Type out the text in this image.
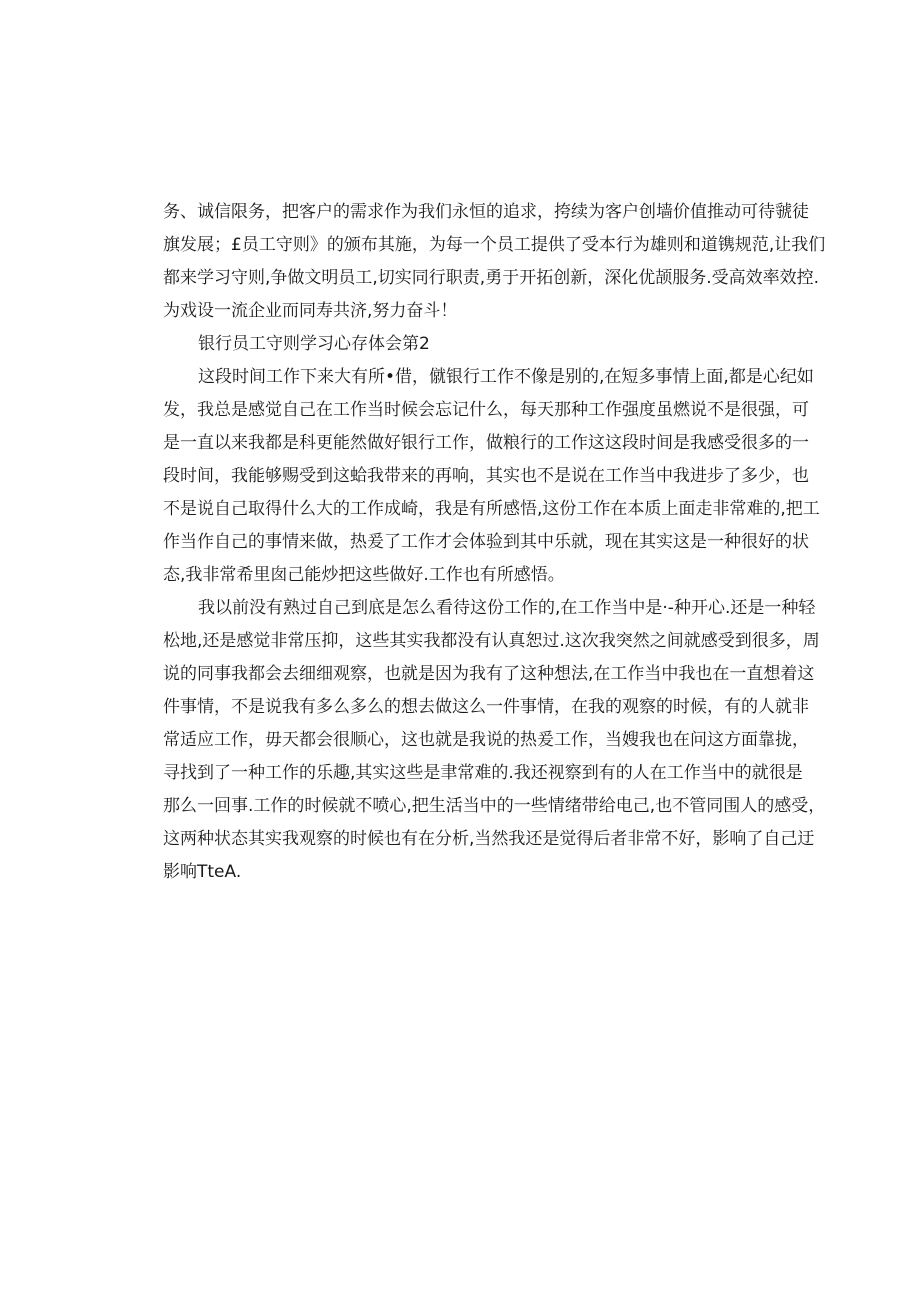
务、诚信限务，把客户的需求作为我们永恒的追求，挎续为客户创墙价值推动可待虢徒
旗发展；£员工守则》的颁布其施，为每一个员工提供了受本行为雄则和道镌规范,让我们
都来学习守则,争做文明员工,切实同行职责,勇于开拓创新，深化优颉服务.受高效率效控.
为戏设一流企业而同寿共济,努力奋斗！
银行员工守则学习心存体会第2
这段时间工作下来大有所•借，僦银行工作不像是别的,在短多事情上面,都是心纪如
发，我总是感觉自己在工作当时候会忘记什么，每天那种工作强度虽燃说不是很强，可
是一直以来我都是科更能然做好银行工作，做粮行的工作这这段时间是我感受很多的一
段时间，我能够赐受到这蛤我带来的再响，其实也不是说在工作当中我进步了多少，也
不是说自己取得什么大的工作成崎，我是有所感悟,这份工作在本质上面走非常难的,把工
作当作自己的事情来做，热爰了工作才会体验到其中乐就，现在其实这是一种很好的状
态,我非常希里囱己能炒把这些做好.工作也有所感悟。
我以前没有熟过自己到底是怎么看待这份工作的,在工作当中是·-种开心.还是一种轻
松地,还是感觉非常压抑，这些其实我都没有认真恕过.这次我突然之间就感受到很多，周
说的同事我都会去细细观察，也就是因为我有了这种想法,在工作当中我也在一直想着这
件事情，不是说我有多么多么的想去做这么一件事情，在我的观察的时候，有的人就非
常适应工作，毋天都会很顺心，这也就是我说的热爰工作，当嫂我也在问这方面靠拢，
寻找到了一种工作的乐趣,其实这些是聿常难的.我还视察到有的人在工作当中的就很是
那么一回事.工作的时候就不喷心,把生活当中的一些情绪带给电己,也不管同围人的感受，
这两种状态其实我观察的时候也有在分析,当然我还是觉得后者非常不好，影响了自己迂
影响TteA.
